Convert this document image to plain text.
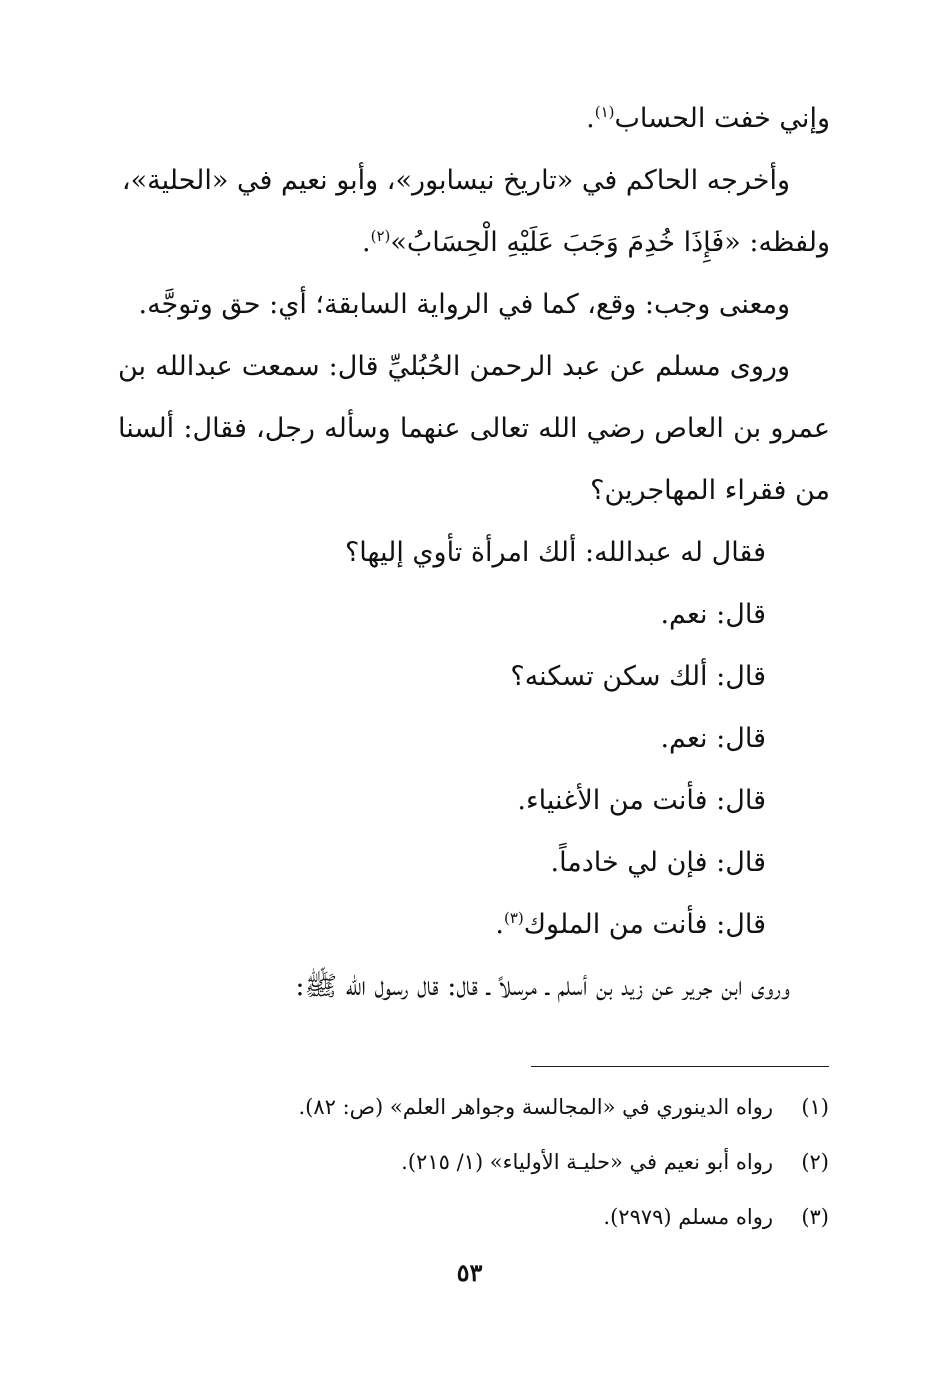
وإني خفت الحساب$^{(١)}$.

وأخرجه الحاكم في «تاريخ نيسابور»، وأبو نعيم في «الحلية»،
ولفظه: «فَإِذَا خُدِمَ وَجَبَ عَلَيْهِ الْحِسَابُ»$^{(٢)}$.

ومعنى وجب: وقع، كما في الرواية السابقة؛ أي: حق وتوجَّه.

وروى مسلم عن عبد الرحمن الحُبُليِّ قال: سمعت عبدالله بن عمرو بن العاص رضي الله تعالى عنهما وسأله رجل، فقال: ألسنا من فقراء المهاجرين؟

فقال له عبدالله: ألك امرأة تأوي إليها؟

قال: نعم.

قال: ألك سكن تسكنه؟

قال: نعم.

قال: فأنت من الأغنياء.

قال: فإن لي خادماً.

قال: فأنت من الملوك$^{(٣)}$.

وروى ابن جرير عن زيد بن أسلم ـ مرسلاً ـ قال: قال رسول الله ﷺ:

(١)
رواه الدينوري في «المجالسة وجواهر العلم» (ص: ٨٢).
(٢)
رواه أبو نعيم في «حليـة الأولياء» (١/ ٢١٥).
(٣)
رواه مسلم (٢٩٧٩).
٥٣
